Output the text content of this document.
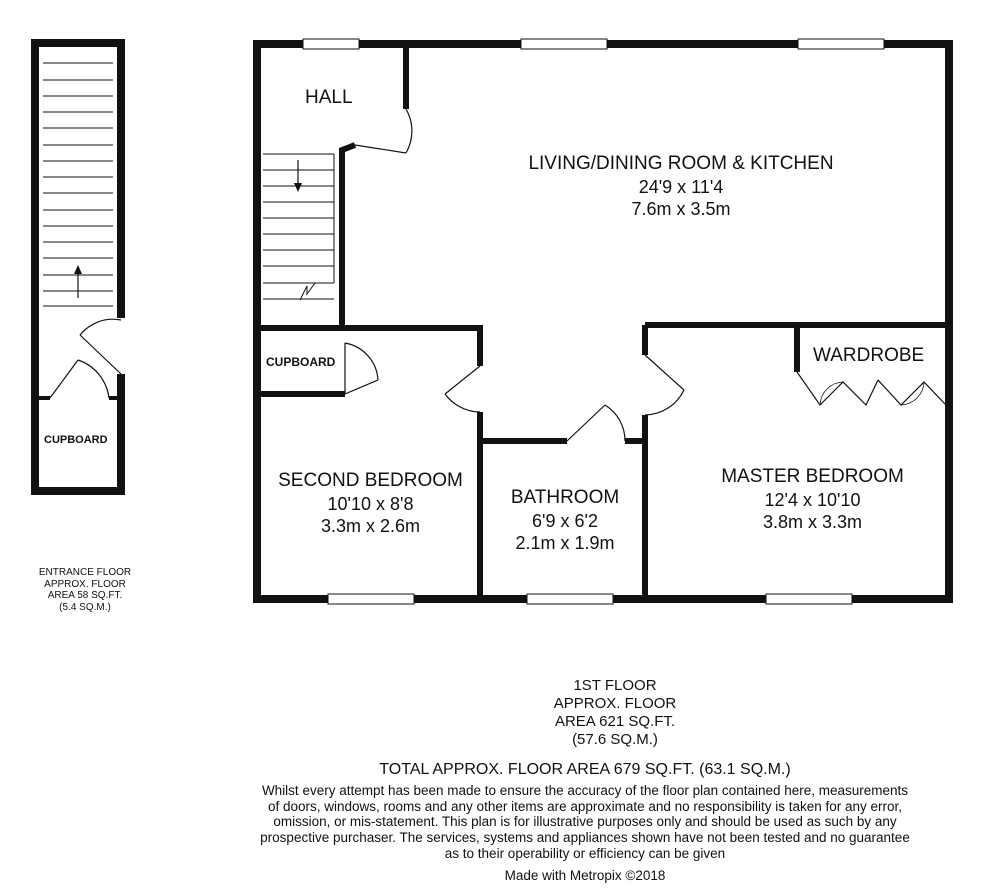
CUPBOARD
ENTRANCE FLOOR
APPROX. FLOOR
AREA 58 SQ.FT.
(5.4 SQ.M.)
HALL
LIVING/DINING ROOM & KITCHEN
24'9 x 11'4
7.6m x 3.5m
CUPBOARD
SECOND BEDROOM
10'10 x 8'8
3.3m x 2.6m
BATHROOM
6'9 x 6'2
2.1m x 1.9m
MASTER BEDROOM
12'4 x 10'10
3.8m x 3.3m
WARDROBE
1ST FLOOR
APPROX. FLOOR
AREA 621 SQ.FT.
(57.6 SQ.M.)
TOTAL APPROX. FLOOR AREA 679 SQ.FT. (63.1 SQ.M.)
Whilst every attempt has been made to ensure the accuracy of the floor plan contained here, measurements
of doors, windows, rooms and any other items are approximate and no responsibility is taken for any error,
omission, or mis-statement. This plan is for illustrative purposes only and should be used as such by any
prospective purchaser. The services, systems and appliances shown have not been tested and no guarantee
as to their operability or efficiency can be given
Made with Metropix ©2018
